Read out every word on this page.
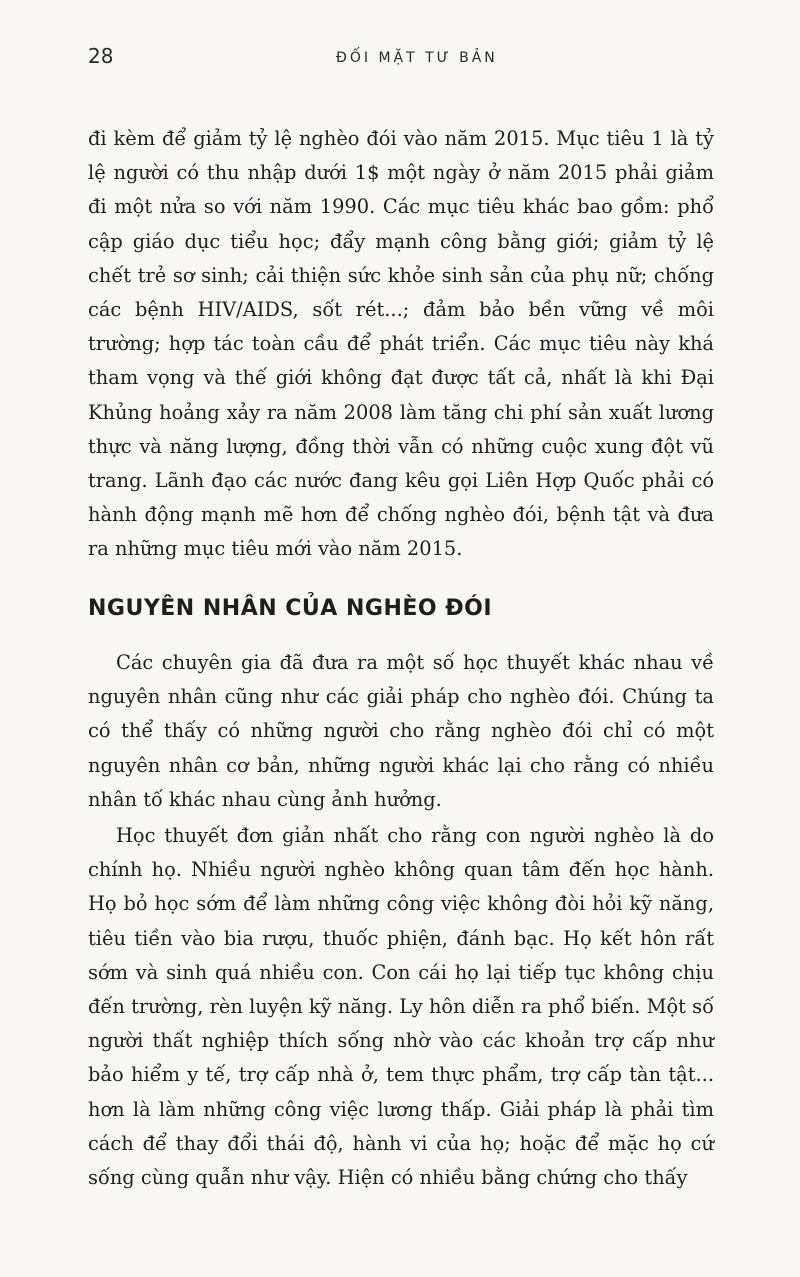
28	ĐỐI MẶT TƯ BẢN

đi kèm để giảm tỷ lệ nghèo đói vào năm 2015. Mục tiêu 1 là tỷ lệ người có thu nhập dưới 1$ một ngày ở năm 2015 phải giảm đi một nửa so với năm 1990. Các mục tiêu khác bao gồm: phổ cập giáo dục tiểu học; đẩy mạnh công bằng giới; giảm tỷ lệ chết trẻ sơ sinh; cải thiện sức khỏe sinh sản của phụ nữ; chống các bệnh HIV/AIDS, sốt rét...; đảm bảo bền vững về môi trường; hợp tác toàn cầu để phát triển. Các mục tiêu này khá tham vọng và thế giới không đạt được tất cả, nhất là khi Đại Khủng hoảng xảy ra năm 2008 làm tăng chi phí sản xuất lương thực và năng lượng, đồng thời vẫn có những cuộc xung đột vũ trang. Lãnh đạo các nước đang kêu gọi Liên Hợp Quốc phải có hành động mạnh mẽ hơn để chống nghèo đói, bệnh tật và đưa ra những mục tiêu mới vào năm 2015.

NGUYÊN NHÂN CỦA NGHÈO ĐÓI

Các chuyên gia đã đưa ra một số học thuyết khác nhau về nguyên nhân cũng như các giải pháp cho nghèo đói. Chúng ta có thể thấy có những người cho rằng nghèo đói chỉ có một nguyên nhân cơ bản, những người khác lại cho rằng có nhiều nhân tố khác nhau cùng ảnh hưởng.

Học thuyết đơn giản nhất cho rằng con người nghèo là do chính họ. Nhiều người nghèo không quan tâm đến học hành. Họ bỏ học sớm để làm những công việc không đòi hỏi kỹ năng, tiêu tiền vào bia rượu, thuốc phiện, đánh bạc. Họ kết hôn rất sớm và sinh quá nhiều con. Con cái họ lại tiếp tục không chịu đến trường, rèn luyện kỹ năng. Ly hôn diễn ra phổ biến. Một số người thất nghiệp thích sống nhờ vào các khoản trợ cấp như bảo hiểm y tế, trợ cấp nhà ở, tem thực phẩm, trợ cấp tàn tật... hơn là làm những công việc lương thấp. Giải pháp là phải tìm cách để thay đổi thái độ, hành vi của họ; hoặc để mặc họ cứ sống cùng quẫn như vậy. Hiện có nhiều bằng chứng cho thấy
